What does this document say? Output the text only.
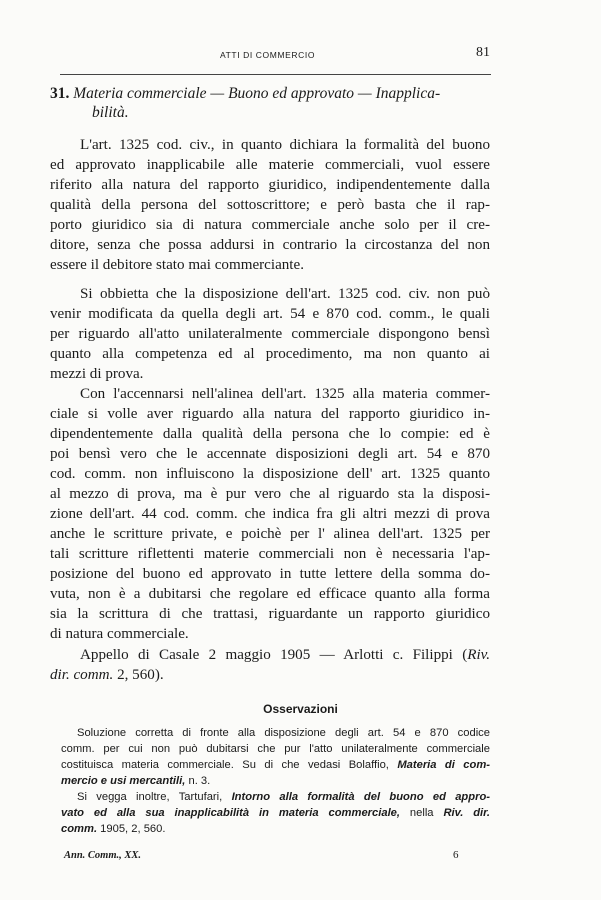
ATTI DI COMMERCIO	81
31. Materia commerciale — Buono ed approvato — Inapplica-
bilità.
L'art. 1325 cod. civ., in quanto dichiara la formalità del buono
ed approvato inapplicabile alle materie commerciali, vuol essere
riferito alla natura del rapporto giuridico, indipendentemente dalla
qualità della persona del sottoscrittore; e però basta che il rap-
porto giuridico sia di natura commerciale anche solo per il cre-
ditore, senza che possa addursi in contrario la circostanza del non
essere il debitore stato mai commerciante.
Si obbietta che la disposizione dell'art. 1325 cod. civ. non può
venir modificata da quella degli art. 54 e 870 cod. comm., le quali
per riguardo all'atto unilateralmente commerciale dispongono bensì
quanto alla competenza ed al procedimento, ma non quanto ai
mezzi di prova.
Con l'accennarsi nell'alinea dell'art. 1325 alla materia commer-
ciale si volle aver riguardo alla natura del rapporto giuridico in-
dipendentemente dalla qualità della persona che lo compie: ed è
poi bensì vero che le accennate disposizioni degli art. 54 e 870
cod. comm. non influiscono la disposizione dell' art. 1325 quanto
al mezzo di prova, ma è pur vero che al riguardo sta la disposi-
zione dell'art. 44 cod. comm. che indica fra gli altri mezzi di prova
anche le scritture private, e poichè per l' alinea dell'art. 1325 per
tali scritture riflettenti materie commerciali non è necessaria l'ap-
posizione del buono ed approvato in tutte lettere della somma do-
vuta, non è a dubitarsi che regolare ed efficace quanto alla forma
sia la scrittura di che trattasi, riguardante un rapporto giuridico
di natura commerciale.
Appello di Casale 2 maggio 1905 — Arlotti c. Filippi (Riv.
dir. comm. 2, 560).
Osservazioni
Soluzione corretta di fronte alla disposizione degli art. 54 e 870 codice
comm. per cui non può dubitarsi che pur l'atto unilateralmente commerciale
costituisca materia commerciale. Su di che vedasi Bolaffio, Materia di com-
mercio e usi mercantili, n. 3.
Si vegga inoltre, Tartufari, Intorno alla formalità del buono ed appro-
vato ed alla sua inapplicabilità in materia commerciale, nella Riv. dir.
comm. 1905, 2, 560.
Ann. Comm., XX.	6
